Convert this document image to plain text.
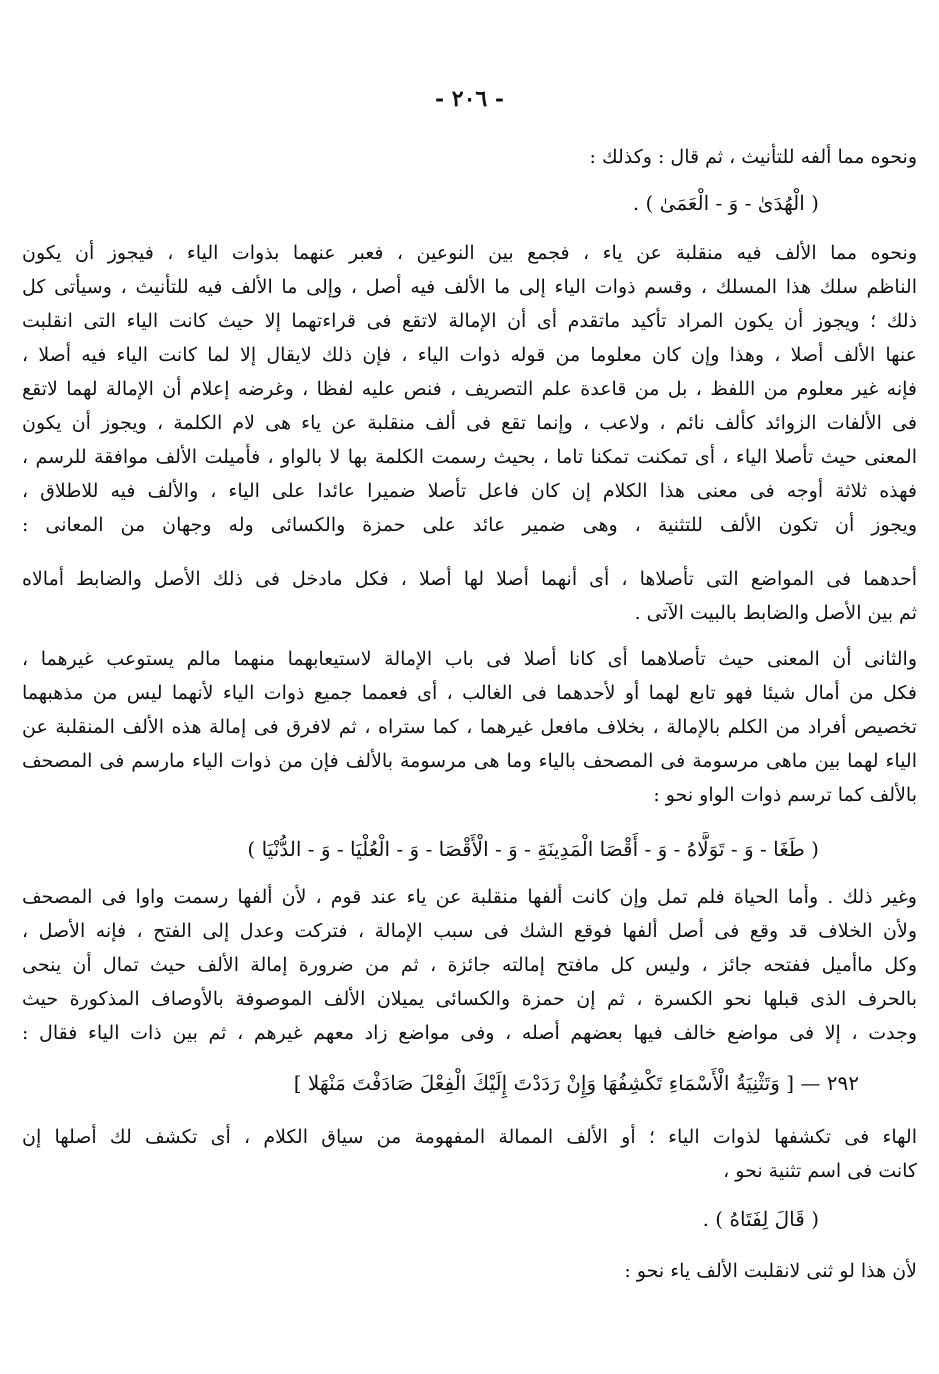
- ٢٠٦ -
ونحوه مما ألفه للتأنيث ، ثم قال : وكذلك :
( الْهُدَىٰ - وَ - الْعَمَىٰ ) .
ونحوه مما الألف فيه منقلبة عن ياء ، فجمع بين النوعين ، فعبر عنهما بذوات الياء ، فيجوز أن يكون
الناظم سلك هذا المسلك ، وقسم ذوات الياء إلى ما الألف فيه أصل ، وإلى ما الألف فيه للتأنيث ، وسيأتى كل
ذلك ؛ ويجوز أن يكون المراد تأكيد ماتقدم أى أن الإمالة لاتقع فى قراءتهما إلا حيث كانت الياء التى انقلبت
عنها الألف أصلا ، وهذا وإن كان معلوما من قوله ذوات الياء ، فإن ذلك لايقال إلا لما كانت الياء فيه أصلا ،
فإنه غير معلوم من اللفظ ، بل من قاعدة علم التصريف ، فنص عليه لفظا ، وغرضه إعلام أن الإمالة لهما لاتقع
فى الألفات الزوائد كألف نائم ، ولاعب ، وإنما تقع فى ألف منقلبة عن ياء هى لام الكلمة ، ويجوز أن يكون
المعنى حيث تأصلا الياء ، أى تمكنت تمكنا تاما ، بحيث رسمت الكلمة بها لا بالواو ، فأميلت الألف موافقة للرسم ،
فهذه ثلاثة أوجه فى معنى هذا الكلام إن كان فاعل تأصلا ضميرا عائدا على الياء ، والألف فيه للاطلاق ،
ويجوز أن تكون الألف للتثنية ، وهى ضمير عائد على حمزة والكسائى وله وجهان من المعانى :
أحدهما فى المواضع التى تأصلاها ، أى أنهما أصلا لها أصلا ، فكل مادخل فى ذلك الأصل والضابط أمالاه
ثم بين الأصل والضابط بالبيت الآتى .
والثانى أن المعنى حيث تأصلاهما أى كانا أصلا فى باب الإمالة لاستيعابهما منهما مالم يستوعب غيرهما ،
فكل من أمال شيئا فهو تابع لهما أو لأحدهما فى الغالب ، أى فعمما جميع ذوات الياء لأنهما ليس من مذهبهما
تخصيص أفراد من الكلم بالإمالة ، بخلاف مافعل غيرهما ، كما ستراه ، ثم لافرق فى إمالة هذه الألف المنقلبة عن
الياء لهما بين ماهى مرسومة فى المصحف بالياء وما هى مرسومة بالألف فإن من ذوات الياء مارسم فى المصحف
بالألف كما ترسم ذوات الواو نحو :
( طَغَا - وَ - تَوَلَّاهُ - وَ - أَقْصَا الْمَدِينَةِ - وَ - الْأَقْصَا - وَ - الْعُلْيَا - وَ - الدُّنْيَا )
وغير ذلك . وأما الحياة فلم تمل وإن كانت ألفها منقلبة عن ياء عند قوم ، لأن ألفها رسمت واوا فى المصحف
ولأن الخلاف قد وقع فى أصل ألفها فوقع الشك فى سبب الإمالة ، فتركت وعدل إلى الفتح ، فإنه الأصل ،
وكل ماأميل ففتحه جائز ، وليس كل مافتح إمالته جائزة ، ثم من ضرورة إمالة الألف حيث تمال أن ينحى
بالحرف الذى قبلها نحو الكسرة ، ثم إن حمزة والكسائى يميلان الألف الموصوفة بالأوصاف المذكورة حيث
وجدت ، إلا فى مواضع خالف فيها بعضهم أصله ، وفى مواضع زاد معهم غيرهم ، ثم بين ذات الياء فقال :
٢٩٢ — [ وَتَثْنِيَةُ الْأَسْمَاءِ تَكْشِفُهَا وَإِنْ رَدَدْتَ إِلَيْكَ الْفِعْلَ صَادَفْتَ مَنْهَلا ]
الهاء فى تكشفها لذوات الياء ؛ أو الألف الممالة المفهومة من سياق الكلام ، أى تكشف لك أصلها إن
كانت فى اسم تثنية نحو ،
( قَالَ لِفَتَاهُ ) .
لأن هذا لو ثنى لانقلبت الألف ياء نحو :
